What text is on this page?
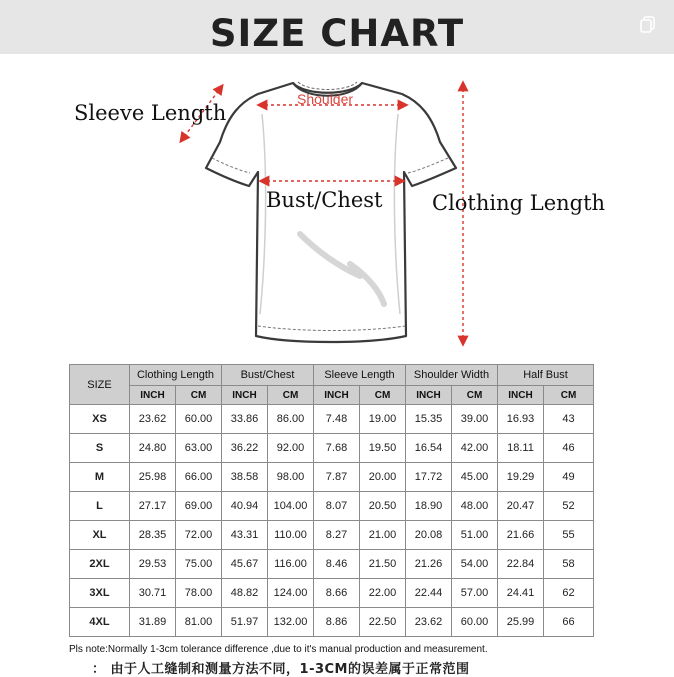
SIZE CHART
Shoulder
Sleeve Length
Bust/Chest Clothing Length
SIZE	Clothing Length		Bust/Chest		Sleeve Length		Shoulder Width		Half Bust	
	INCH	CM	INCH	CM	INCH	CM	INCH	CM	INCH	CM
XS	23.62	60.00	33.86	86.00	7.48	19.00	15.35	39.00	16.93	43
S	24.80	63.00	36.22	92.00	7.68	19.50	16.54	42.00	18.11	46
M	25.98	66.00	38.58	98.00	7.87	20.00	17.72	45.00	19.29	49
L	27.17	69.00	40.94	104.00	8.07	20.50	18.90	48.00	20.47	52
XL	28.35	72.00	43.31	110.00	8.27	21.00	20.08	51.00	21.66	55
2XL	29.53	75.00	45.67	116.00	8.46	21.50	21.26	54.00	22.84	58
3XL	30.71	78.00	48.82	124.00	8.66	22.00	22.44	57.00	24.41	62
4XL	31.89	81.00	51.97	132.00	8.86	22.50	23.62	60.00	25.99	66
Pls note:Normally 1-3cm tolerance difference ,due to it's manual production and measurement.
： 由于人工缝制和测量方法不同，1-3CM的误差属于正常范围
